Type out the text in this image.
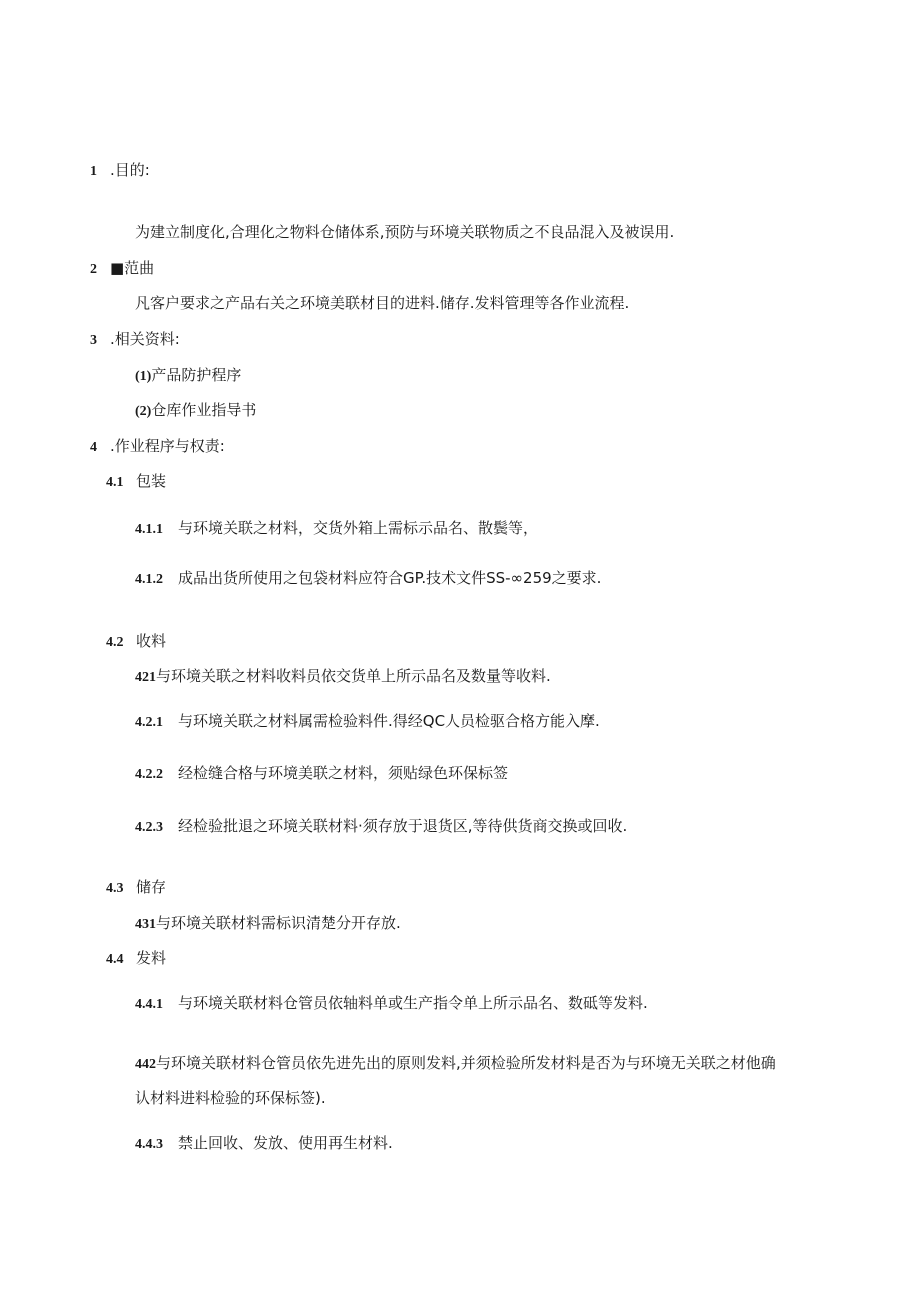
1 .目的:
为建立制度化,合理化之物料仓储体系,预防与环境关联物质之不良品混入及被误用.
2 ■范曲
凡客户要求之产品右关之环境美联材目的进料.储存.发料管理等各作业流程.
3 .相关资料:
(1)产品防护程序
(2)仓库作业指导书
4 .作业程序与权责:
4.1 包装
4.1.1 与环境关联之材料，交货外箱上需标示品名、散鬓等，
4.1.2 成品出货所使用之包袋材料应符合GP.技术文件SS-∞259之要求.
4.2 收料
421与环境关联之材料收料员依交货单上所示品名及数量等收料.
4.2.1 与环境关联之材料属需检验料件.得经QC人员检驱合格方能入摩.
4.2.2 经检缝合格与环境美联之材料，须贴绿色环保标签
4.2.3 经检验批退之环境关联材料·须存放于退货区,等待供货商交换或回收.
4.3 储存
431与环境关联材料需标识清楚分开存放.
4.4 发料
4.4.1 与环境关联材料仓管员依轴料单或生产指令单上所示品名、数砥等发料.
442与环境关联材料仓管员依先进先出的原则发料,并须检验所发材料是否为与环境无关联之材他确
认材料进料检验的环保标签).
4.4.3 禁止回收、发放、使用再生材料.
